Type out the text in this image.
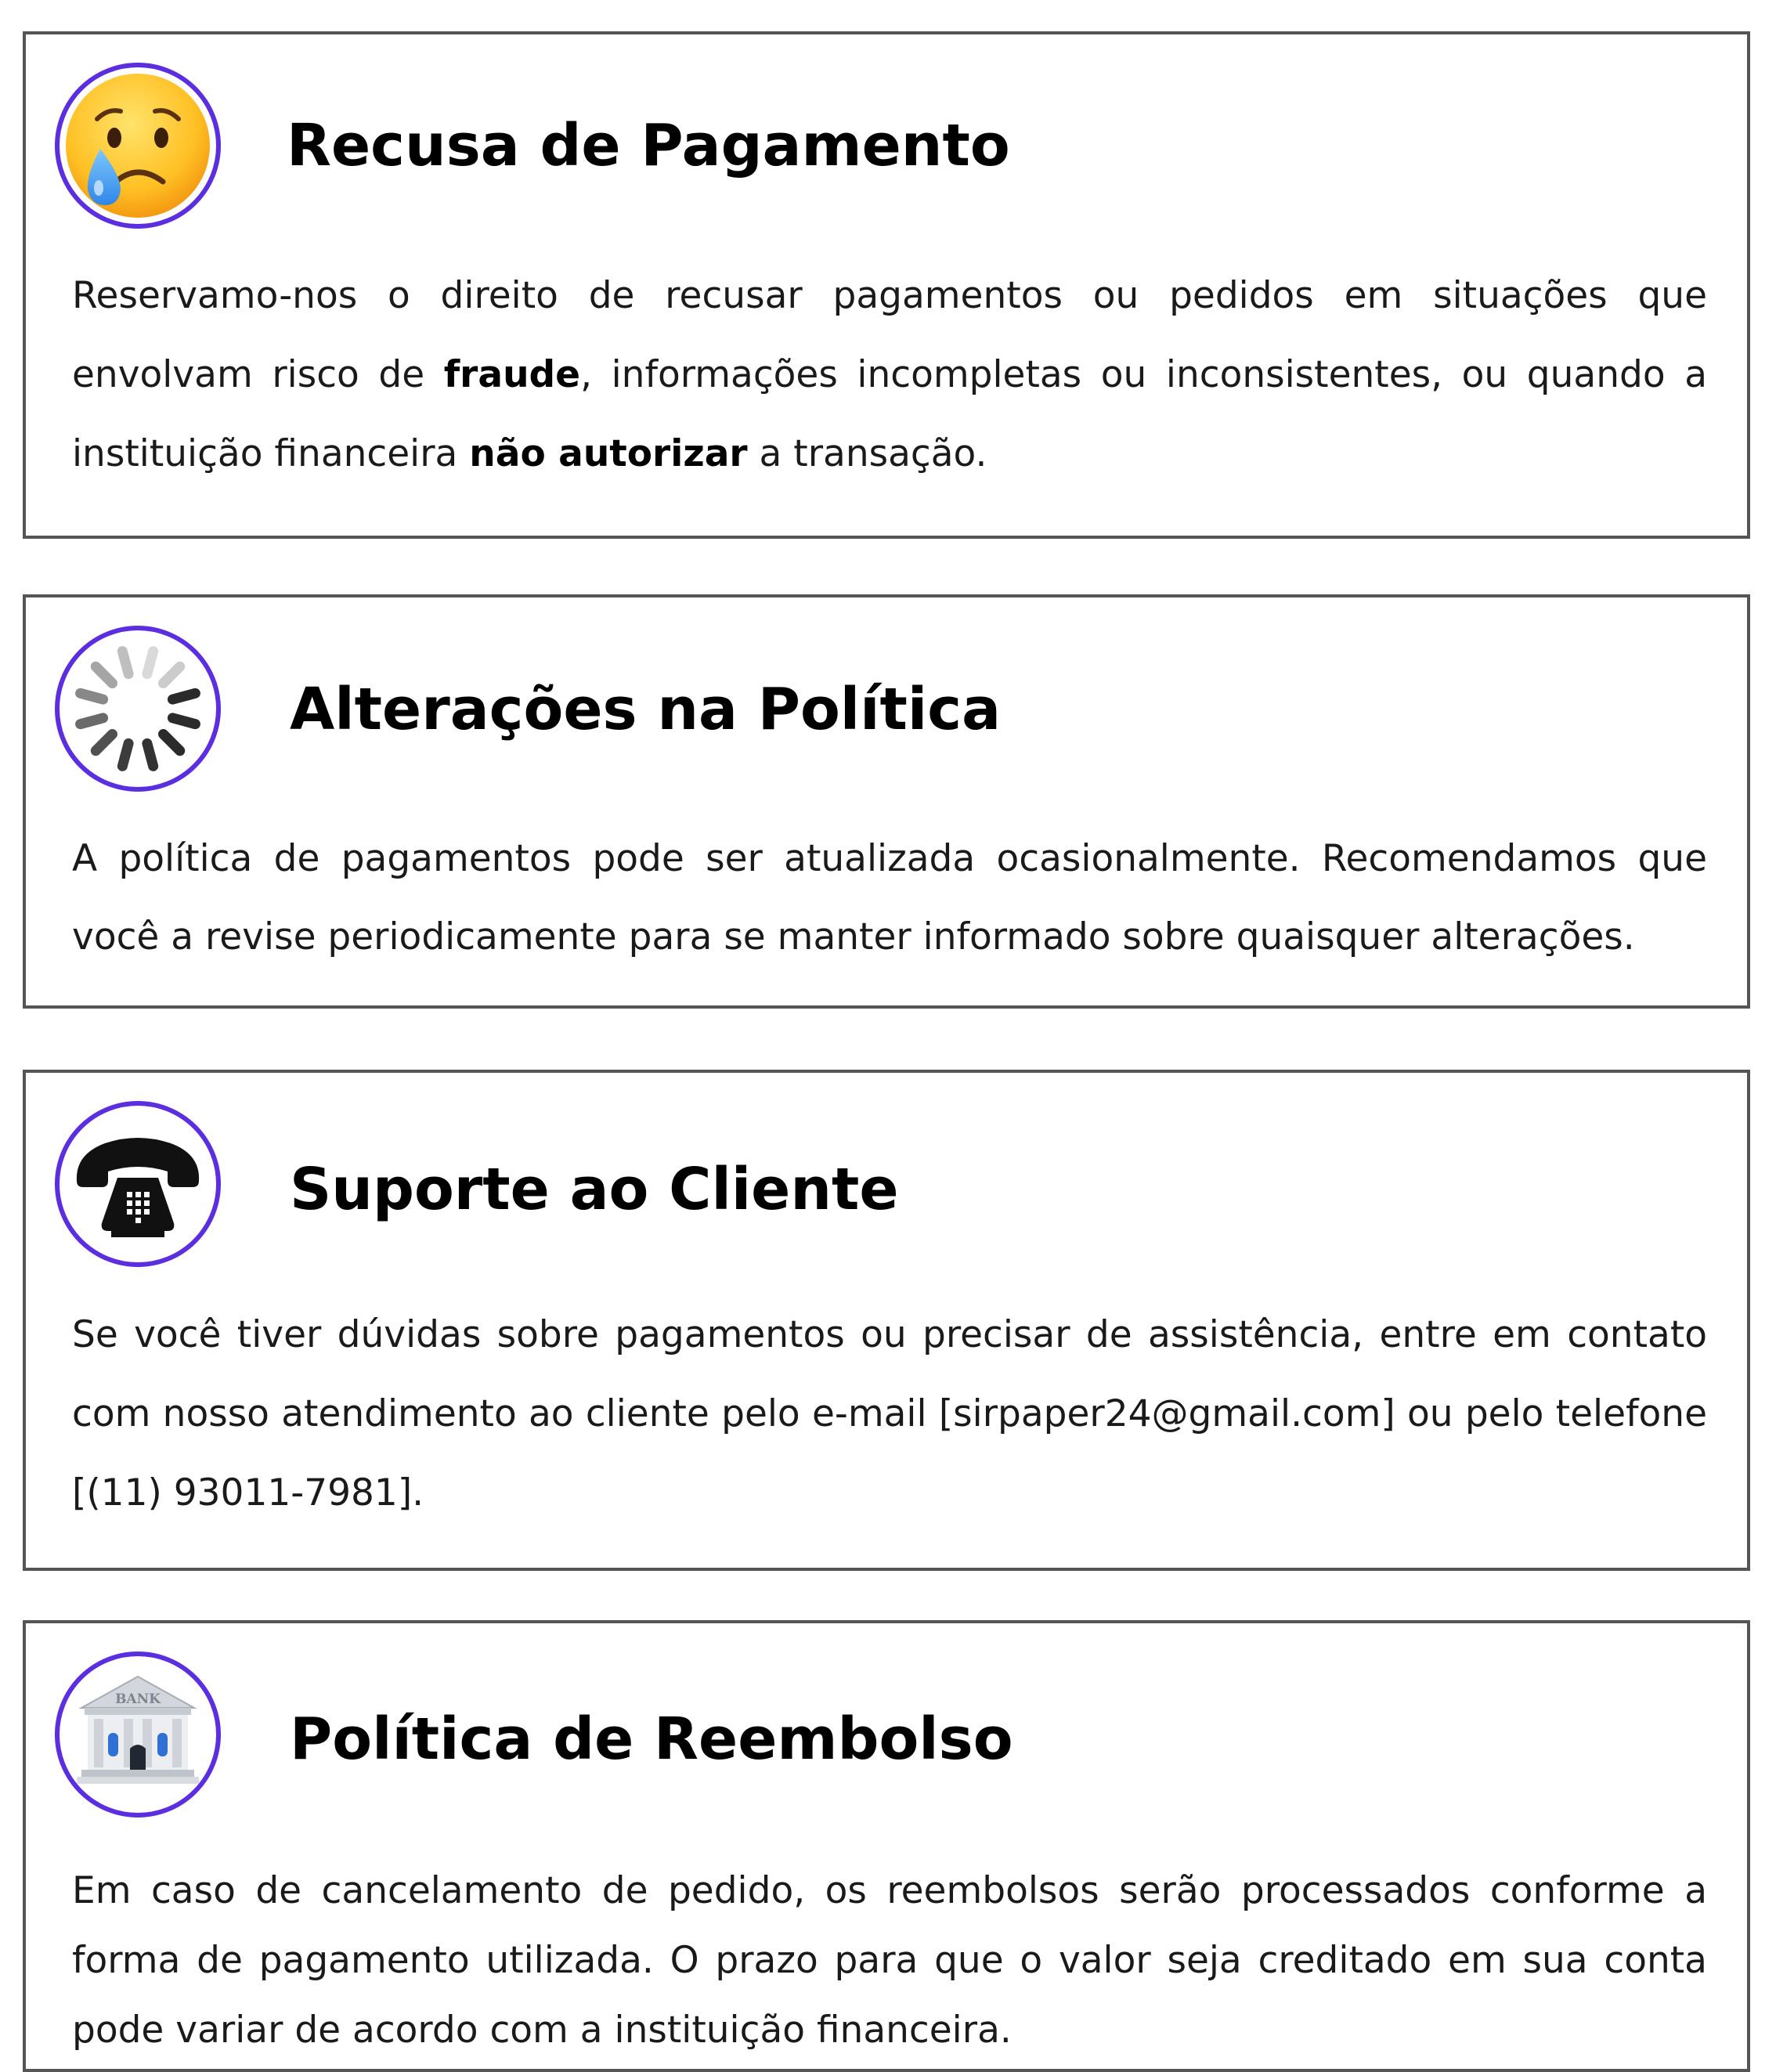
Recusa de Pagamento

Reservamo-nos o direito de recusar pagamentos ou pedidos em situações que envolvam risco de fraude, informações incompletas ou inconsistentes, ou quando a instituição financeira não autorizar a transação.

Alterações na Política

A política de pagamentos pode ser atualizada ocasionalmente. Recomendamos que você a revise periodicamente para se manter informado sobre quaisquer alterações.

Suporte ao Cliente

Se você tiver dúvidas sobre pagamentos ou precisar de assistência, entre em contato com nosso atendimento ao cliente pelo e-mail [sirpaper24@gmail.com] ou pelo telefone [(11) 93011-7981].

BANK
Política de Reembolso

Em caso de cancelamento de pedido, os reembolsos serão processados conforme a forma de pagamento utilizada. O prazo para que o valor seja creditado em sua conta pode variar de acordo com a instituição financeira.
